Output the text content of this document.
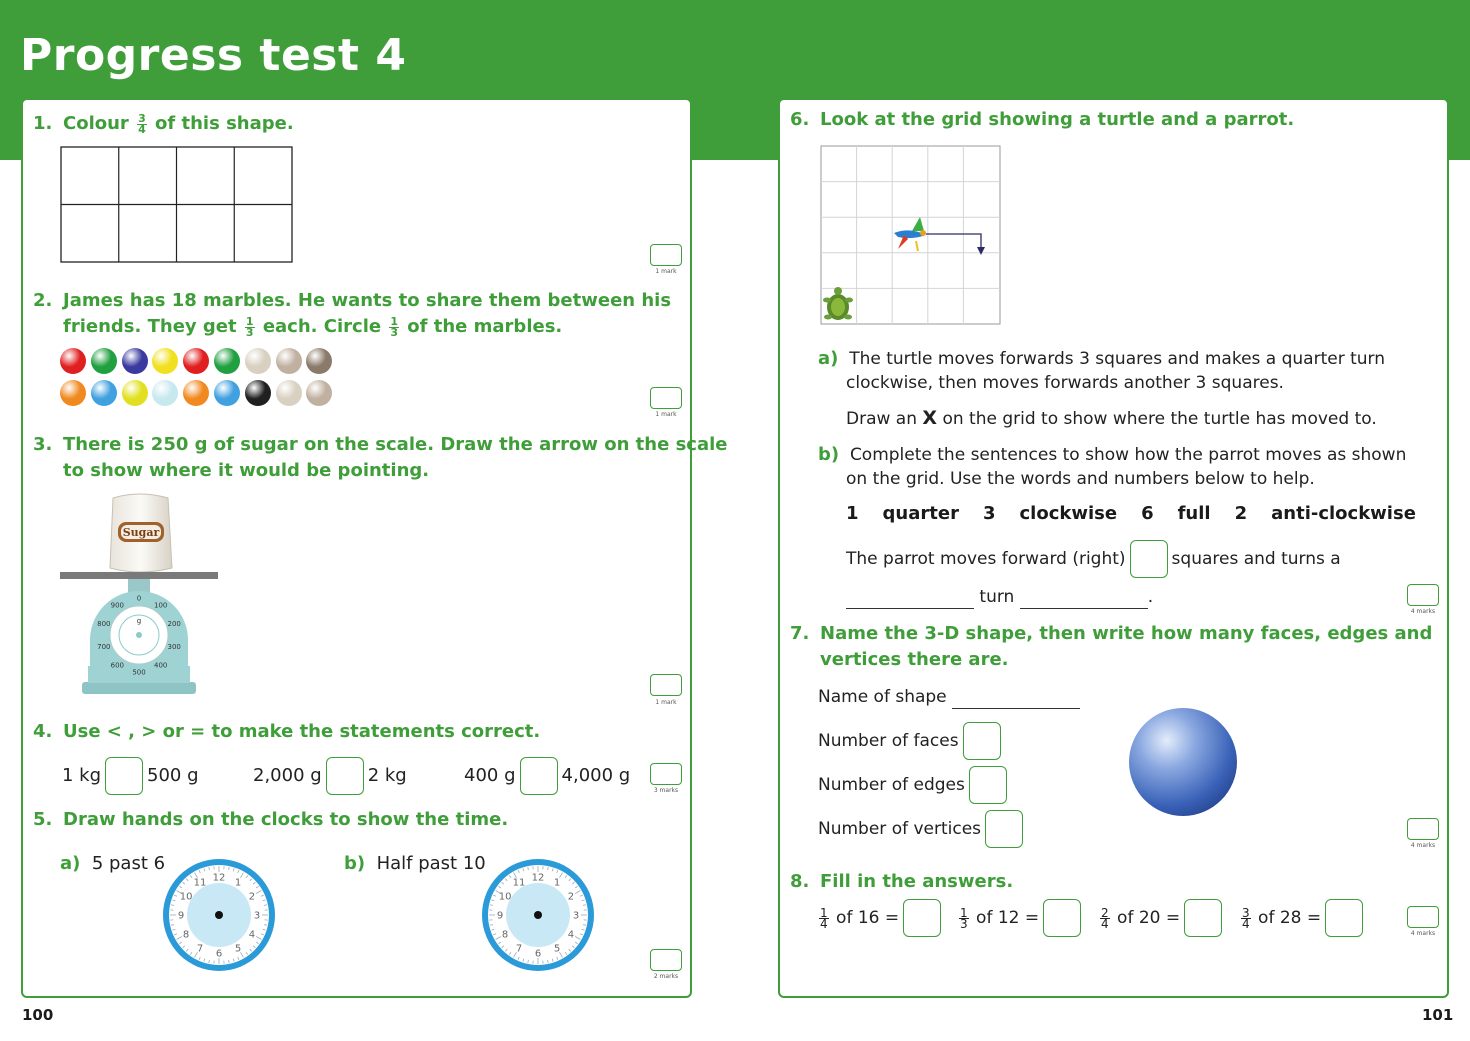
Progress test 4
1. Colour $\frac{3}{4}$ of this shape.
1 mark
2. James has 18 marbles. He wants to share them between his
friends. They get $\frac{1}{3}$ each. Circle $\frac{1}{3}$ of the marbles.
1 mark
3. There is 250 g of sugar on the scale. Draw the arrow on the scale
to show where it would be pointing.
Sugar
0
100
200
300
400
500
600
700
800
900
g
1 mark
4. Use < , > or = to make the statements correct.
1 kg	500 g	2,000 g	2 kg	400 g	4,000 g
3 marks
5. Draw hands on the clocks to show the time.
a) 5 past 6	b) Half past 10
12 1
2
3
4
5
6
7
8
9
10
11	12 1
2
3
4
5
6
7
8
9
10
11
2 marks
6. Look at the grid showing a turtle and a parrot.
a) The turtle moves forwards 3 squares and makes a quarter turn
clockwise, then moves forwards another 3 squares.
Draw an X on the grid to show where the turtle has moved to.
b) Complete the sentences to show how the parrot moves as shown
on the grid. Use the words and numbers below to help.
1 quarter 3 clockwise 6 full 2 anti-clockwise
The parrot moves forward (right)	squares and turns a
turn	.
4 marks
7. Name the 3-D shape, then write how many faces, edges and
vertices there are.
Name of shape
Number of faces
Number of edges
Number of vertices
4 marks
8. Fill in the answers.
$\frac{1}{4}$ of 16 =	$\frac{1}{3}$ of 12 =	$\frac{2}{4}$ of 20 =	$\frac{3}{4}$ of 28 =
4 marks
100	101
